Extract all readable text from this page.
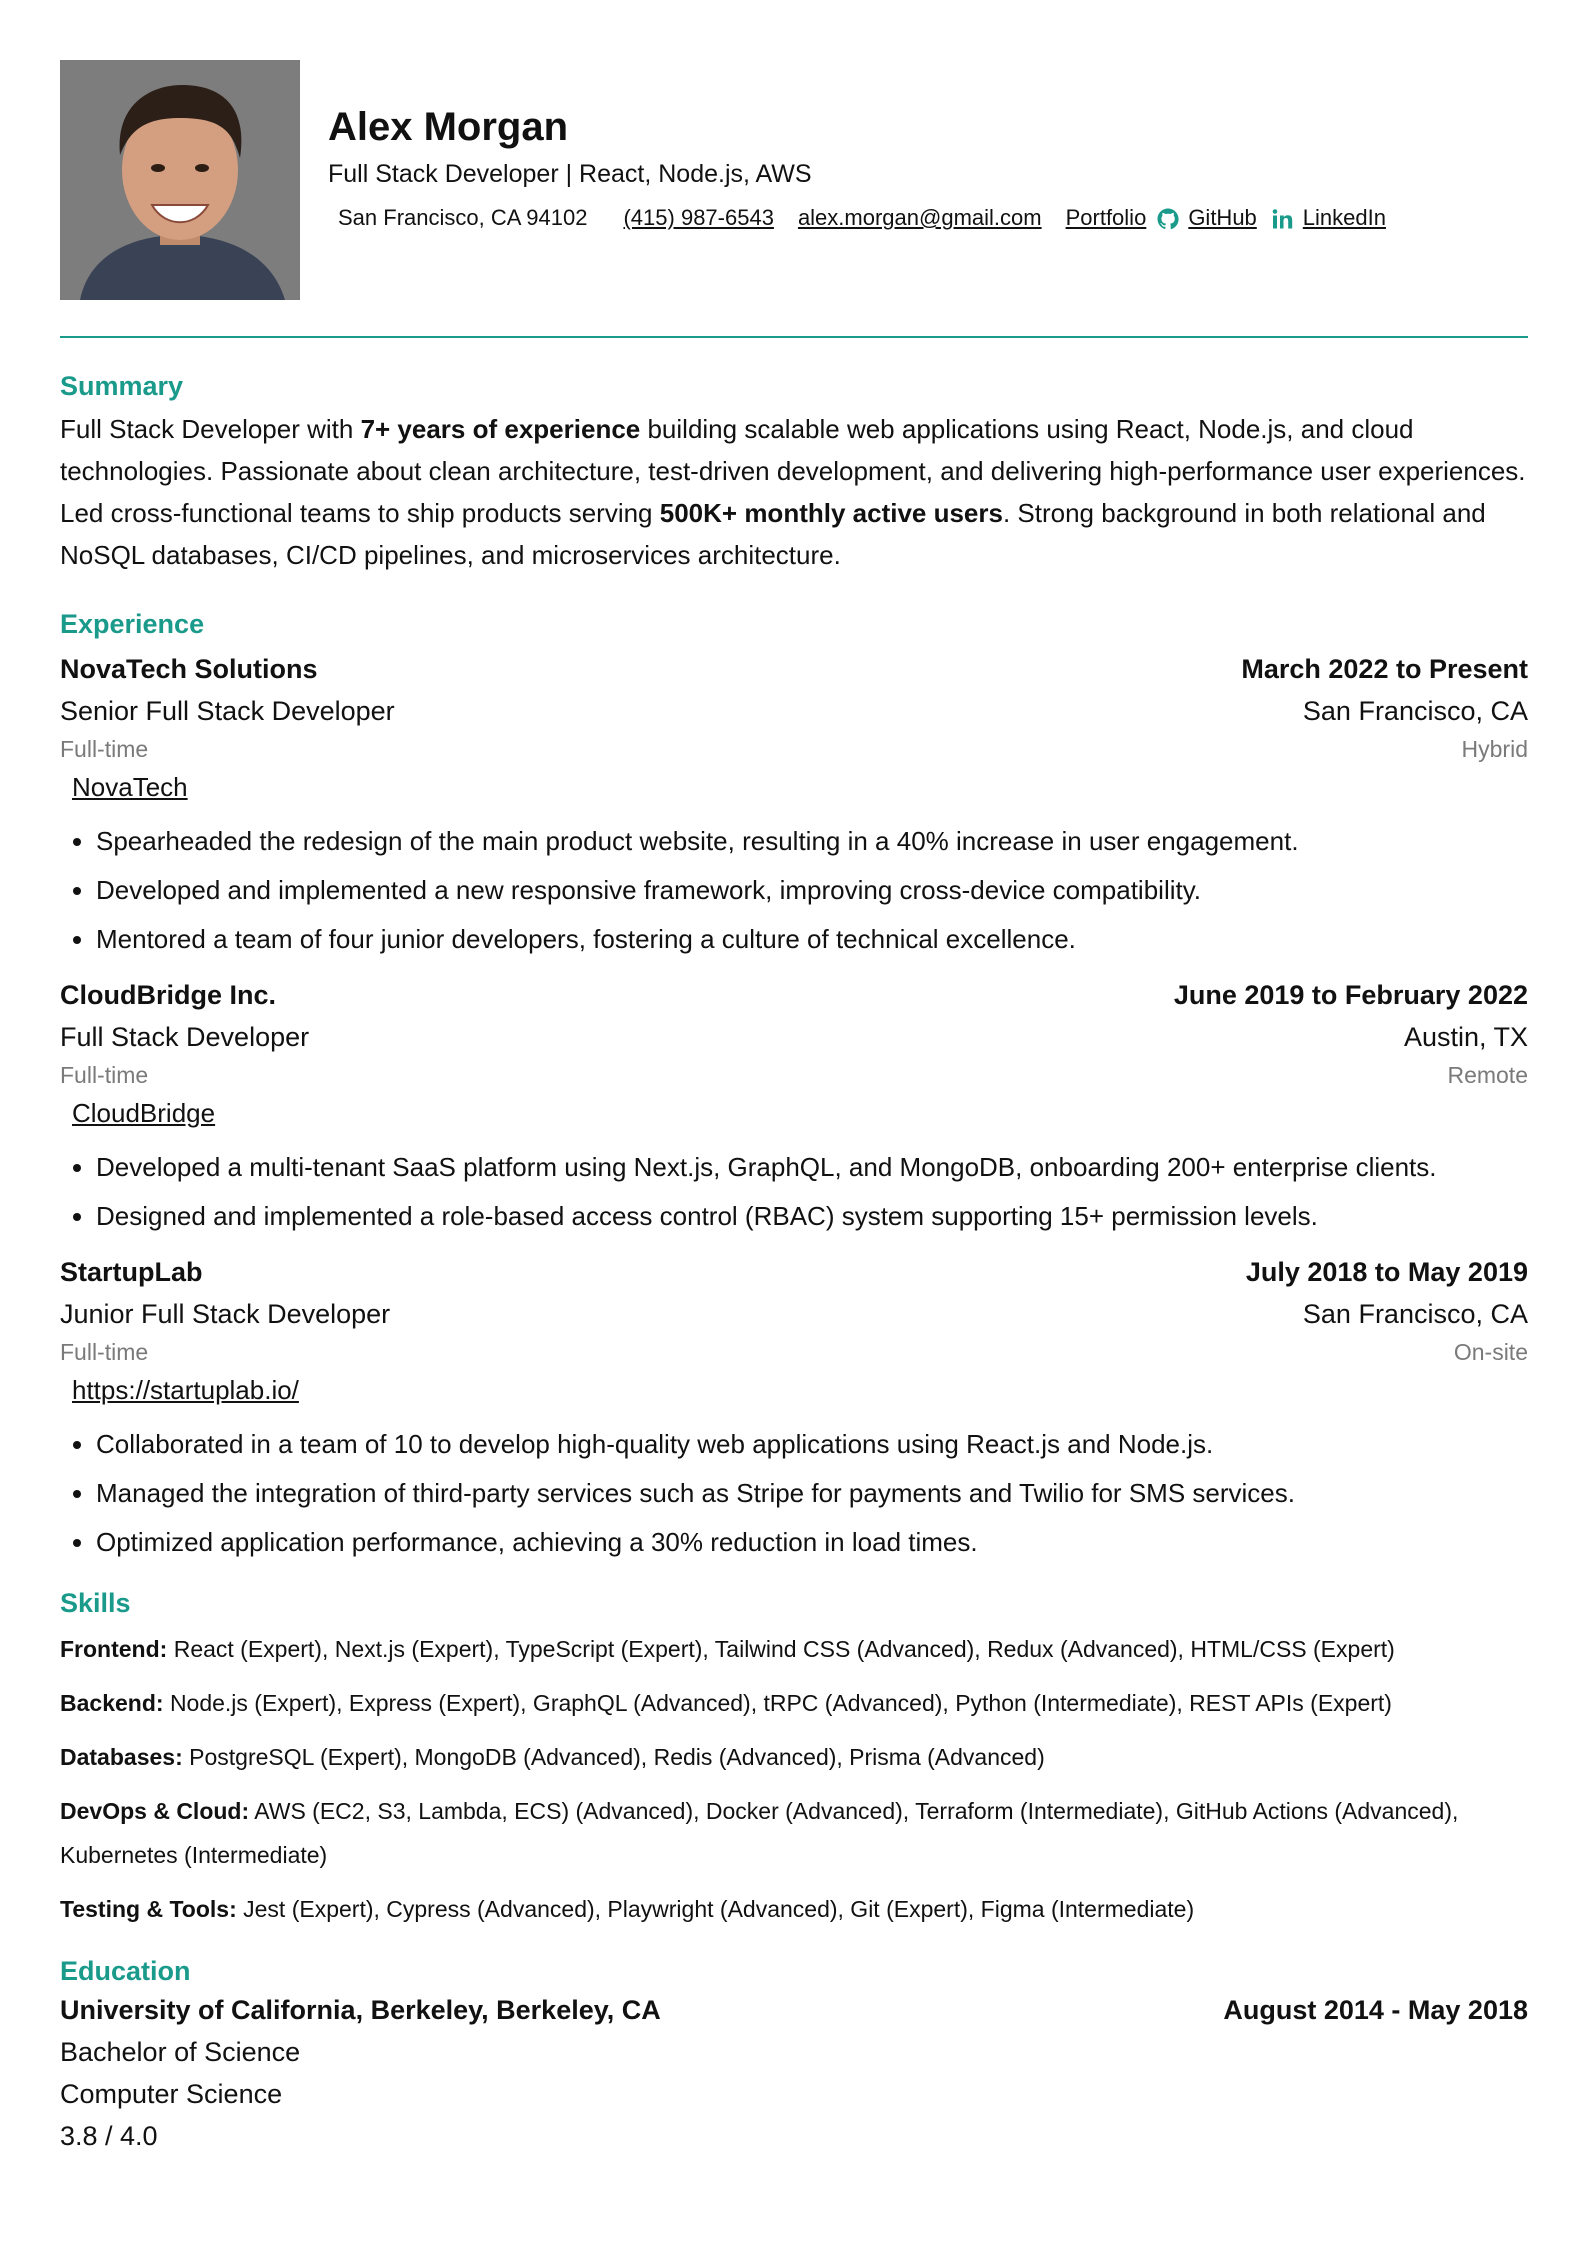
Alex Morgan
Full Stack Developer | React, Node.js, AWS
San Francisco, CA 94102 (415) 987-6543 alex.morgan@gmail.com Portfolio	GitHub	LinkedIn
Summary
Full Stack Developer with 7+ years of experience building scalable web applications using React, Node.js, and cloud technologies. Passionate about clean architecture, test-driven development, and delivering high-performance user experiences. Led cross-functional teams to ship products serving 500K+ monthly active users. Strong background in both relational and NoSQL databases, CI/CD pipelines, and microservices architecture.
Experience
NovaTech Solutions	March 2022 to Present
Senior Full Stack Developer	San Francisco, CA
Full-time	Hybrid
NovaTech
• Spearheaded the redesign of the main product website, resulting in a 40% increase in user engagement.
• Developed and implemented a new responsive framework, improving cross-device compatibility.
• Mentored a team of four junior developers, fostering a culture of technical excellence.
CloudBridge Inc.	June 2019 to February 2022
Full Stack Developer	Austin, TX
Full-time	Remote
CloudBridge
• Developed a multi-tenant SaaS platform using Next.js, GraphQL, and MongoDB, onboarding 200+ enterprise clients.
• Designed and implemented a role-based access control (RBAC) system supporting 15+ permission levels.
StartupLab	July 2018 to May 2019
Junior Full Stack Developer	San Francisco, CA
Full-time	On-site
https://startuplab.io/
• Collaborated in a team of 10 to develop high-quality web applications using React.js and Node.js.
• Managed the integration of third-party services such as Stripe for payments and Twilio for SMS services.
• Optimized application performance, achieving a 30% reduction in load times.
Skills
Frontend: React (Expert), Next.js (Expert), TypeScript (Expert), Tailwind CSS (Advanced), Redux (Advanced), HTML/CSS (Expert)
Backend: Node.js (Expert), Express (Expert), GraphQL (Advanced), tRPC (Advanced), Python (Intermediate), REST APIs (Expert)
Databases: PostgreSQL (Expert), MongoDB (Advanced), Redis (Advanced), Prisma (Advanced)
DevOps & Cloud: AWS (EC2, S3, Lambda, ECS) (Advanced), Docker (Advanced), Terraform (Intermediate), GitHub Actions (Advanced), Kubernetes (Intermediate)
Testing & Tools: Jest (Expert), Cypress (Advanced), Playwright (Advanced), Git (Expert), Figma (Intermediate)
Education
University of California, Berkeley, Berkeley, CA	August 2014 - May 2018
Bachelor of Science
Computer Science
3.8 / 4.0
